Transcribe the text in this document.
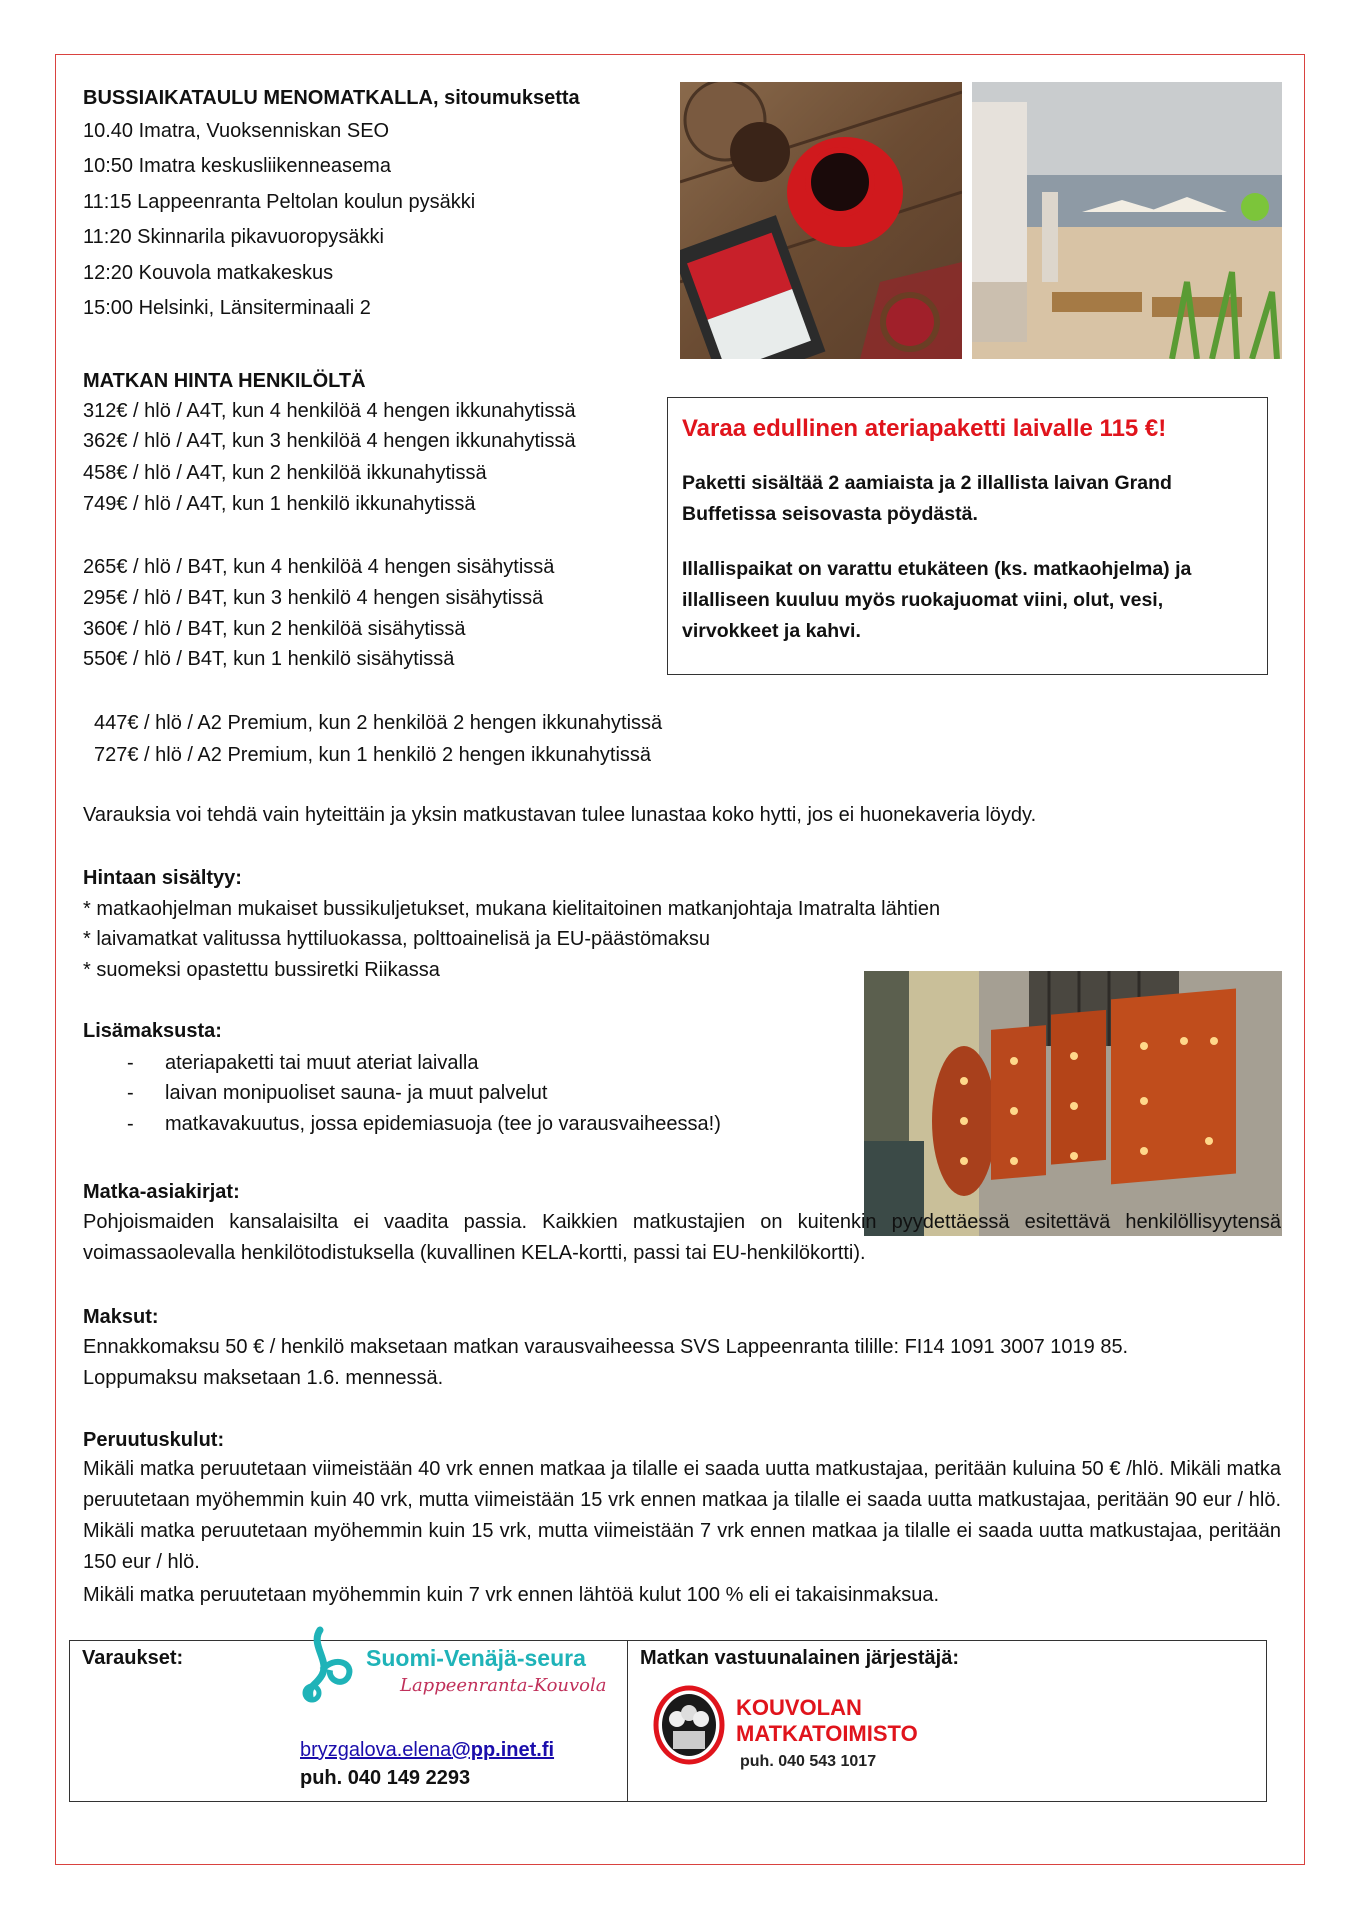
BUSSIAIKATAULU MENOMATKALLA, sitoumuksetta
10.40 Imatra, Vuoksenniskan SEO
10:50 Imatra keskusliikenneasema
11:15 Lappeenranta Peltolan koulun pysäkki
11:20 Skinnarila pikavuoropysäkki
12:20 Kouvola matkakeskus
15:00 Helsinki, Länsiterminaali 2
MATKAN HINTA HENKILÖLTÄ
312€ / hlö / A4T, kun 4 henkilöä 4 hengen ikkunahytissä
362€ / hlö / A4T, kun 3 henkilöä 4 hengen ikkunahytissä
458€ / hlö / A4T, kun 2 henkilöä ikkunahytissä
749€ / hlö / A4T, kun 1 henkilö ikkunahytissä
265€ / hlö / B4T, kun 4 henkilöä 4 hengen sisähytissä
295€ / hlö / B4T, kun 3 henkilö 4 hengen sisähytissä
360€ / hlö / B4T, kun 2 henkilöä sisähytissä
550€ / hlö / B4T, kun 1 henkilö sisähytissä
447€ / hlö / A2 Premium, kun 2 henkilöä 2 hengen ikkunahytissä
727€ / hlö / A2 Premium, kun 1 henkilö 2 hengen ikkunahytissä
Varaa edullinen ateriapaketti laivalle 115 €!

Paketti sisältää 2 aamiaista ja 2 illallista laivan Grand Buffetissa seisovasta pöydästä.

Illallispaikat on varattu etukäteen (ks. matkaohjelma) ja illalliseen kuuluu myös ruokajuomat viini, olut, vesi, virvokkeet ja kahvi.

Varauksia voi tehdä vain hyteittäin ja yksin matkustavan tulee lunastaa koko hytti, jos ei huonekaveria löydy.
Hintaan sisältyy:
* matkaohjelman mukaiset bussikuljetukset, mukana kielitaitoinen matkanjohtaja Imatralta lähtien
* laivamatkat valitussa hyttiluokassa, polttoainelisä ja EU-päästömaksu
* suomeksi opastettu bussiretki Riikassa
Lisämaksusta:
- ateriapaketti tai muut ateriat laivalla
- laivan monipuoliset sauna- ja muut palvelut
- matkavakuutus, jossa epidemiasuoja (tee jo varausvaiheessa!)
Matka-asiakirjat:
Pohjoismaiden kansalaisilta ei vaadita passia. Kaikkien matkustajien on kuitenkin pyydettäessä esitettävä henkilöllisyytensä voimassaolevalla henkilötodistuksella (kuvallinen KELA-kortti, passi tai EU-henkilökortti).
Maksut:
Ennakkomaksu 50 € / henkilö maksetaan matkan varausvaiheessa SVS Lappeenranta tilille: FI14 1091 3007 1019 85.
Loppumaksu maksetaan 1.6. mennessä.
Peruutuskulut:
Mikäli matka peruutetaan viimeistään 40 vrk ennen matkaa ja tilalle ei saada uutta matkustajaa, peritään kuluina 50 € /hlö. Mikäli matka peruutetaan myöhemmin kuin 40 vrk, mutta viimeistään 15 vrk ennen matkaa ja tilalle ei saada uutta matkustajaa, peritään 90 eur / hlö. Mikäli matka peruutetaan myöhemmin kuin 15 vrk, mutta viimeistään 7 vrk ennen matkaa ja tilalle ei saada uutta matkustajaa, peritään 150 eur / hlö.
Mikäli matka peruutetaan myöhemmin kuin 7 vrk ennen lähtöä kulut 100 % eli ei takaisinmaksua.
Varaukset:	Suomi-Venäjä-seura
Lappeenranta-Kouvola
bryzgalova.elena@pp.inet.fi
puh. 040 149 2293
Matkan vastuunalainen järjestäjä:
KOUVOLAN
MATKATOIMISTO
puh. 040 543 1017
